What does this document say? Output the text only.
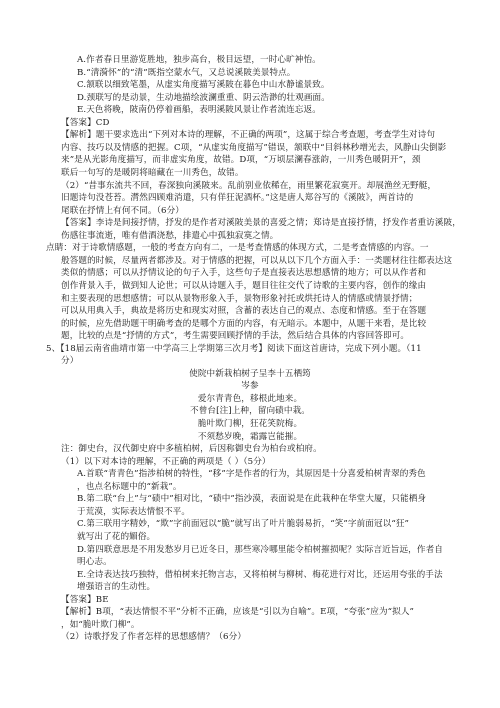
A.作者春日里游览胜地，独步高台，极目远望，一时心旷神怡。
B.“清漪怀”的“清”既指空蒙水气，又总说溪陂美景特点。
C.颔联以细致笔墨，从虚实角度描写溪陂在暮色中山水静谧景致。
D.颈联写的是动景，生动地描绘波澜重重、阴云浩渺的壮观画面。
E.天色将晚，陂南仍停着画船，表明溪陂风景让作者流连忘返。
【答案】CD
【解析】题干要求选出“下列对本诗的理解，不正确的两项”，这属于综合考查题，考查学生对诗句
内容、技巧以及情感的把握。C项，“从虚实角度描写”错误，颔联中“目斜林秒增光去，风静山尖倒影
来”是从光影角度描写，而非虚实角度，故错。D项，“万顷层澜春涨韵，一川秀色暖阴开”，颈
联后一句写的是暖阴将暗藏在一川秀色，故错。
（2）“昔事东流共不回，春深独向溪陂来。乱前别业依稀在，雨里繁花寂寞开。却展渔丝无野艇，
旧题诗句没苍苔。潸然四顾难消遣，只有佯狂泥酒杯。”这是唐人郑谷写的《溪陂》，两首诗的
尾联在抒情上有何不同。（6分）
【答案】李诗是间接抒情，抒发的是作者对溪陂美景的喜爱之情；郑诗是直接抒情，抒发作者重访溪陂，
伤感往事流逝，唯有借酒浇愁，排遣心中孤独寂寞之情。
点睛：对于诗歌情感题，一般的考查方向有二，一是考查情感的体现方式，二是考查情感的内容。一
般答题的时候，尽量两者都涉及。对于情感的把握，可以从以下几个方面入手：一类题材往往都表达这
类似的情感；可以从抒情议论的句子入手，这些句子是直接表达思想感情的地方；可以从作者和
创作背景入手，做到知人论世；可以从诗题入手，题目往往交代了诗歌的主要内容，创作的缘由
和主要表现的思想感情；可以从景物形象入手，景物形象衬托或烘托诗人的情感或情景抒情；
可以从用典入手，典故是将历史和现实对照，含蓄的表达自己的观点、态度和情感。至于在答题
的时候，应先借助题干明确考查的是哪个方面的内容，有无暗示。本题中，从题干来看，是比较
题，比较的点是“抒情的方式”，考生需要回顾抒情的手法，然后结合具体的内容回答即可。
5、【18届云南省曲靖市第一中学高三上学期第三次月考】阅读下面这首唐诗，完成下列小题。（11
分）
使院中新栽柏树子呈李十五栖筠
岑参
爱尔青青色，移根此地来。
不曾台[注]上种，留向碛中栽。
脆叶欺门柳，狂花笑院梅。
不须愁岁晚，霜露岂能摧。
注：御史台，汉代御史府中多植柏树，后因称御史台为柏台或柏府。
（1）以下对本诗的理解，不正确的两项是（ ）（5分）
A.首联“青青色”指涉柏树的特性，“移”字是作者的行为，其原因是十分喜爱柏树青翠的秀色
，也点名标题中的“新栽”。
B.第二联“台上”与“碛中”相对比，“碛中”指沙漠，表面说是在此栽种在华堂大厦，只能栖身
于荒漠，实际表达情恨不平。
C.第三联用字精妙，“欺”字前面冠以“脆”就写出了叶片脆弱易折，“笑”字前面冠以“狂”
就写出了花的媚俗。
D.第四联意思是不用发愁岁月已近冬日，那些寒冷哪里能令柏树摧损呢？实际言近旨远，作者自
明心志。
E.全诗表达技巧独特，借柏树来托物言志，又将柏树与柳树、梅花进行对比，还运用夸张的手法
增强语言的生动性。
【答案】BE
【解析】B项，“表达情恨不平”分析不正确，应该是“引以为自喻”。E项，“夸张”应为“拟人”
，如“脆叶欺门柳”。
（2）诗歌抒发了作者怎样的思想感情？（6分）
